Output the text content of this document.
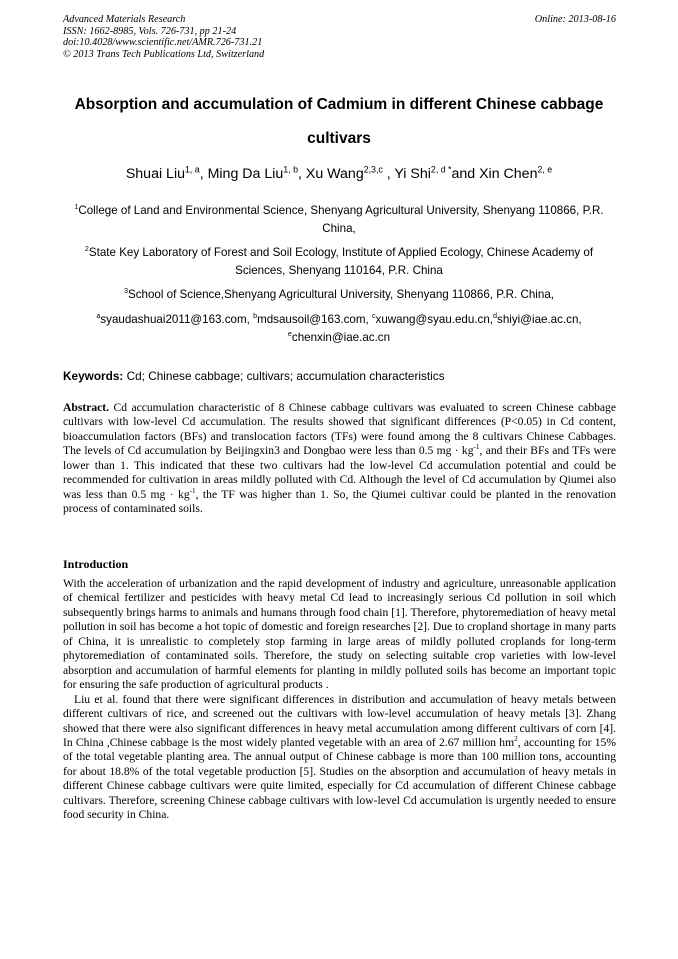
Advanced Materials Research
ISSN: 1662-8985, Vols. 726-731, pp 21-24
doi:10.4028/www.scientific.net/AMR.726-731.21
© 2013 Trans Tech Publications Ltd, Switzerland
Online: 2013-08-16
Absorption and accumulation of Cadmium in different Chinese cabbage
cultivars
Shuai Liu$^{1, a}$, Ming Da Liu$^{1, b}$, Xu Wang$^{2,3,c}$ , Yi Shi$^{2, d *}$and Xin Chen$^{2, e}$
$^1$College of Land and Environmental Science, Shenyang Agricultural University, Shenyang 110866, P.R. China,
$^2$State Key Laboratory of Forest and Soil Ecology, Institute of Applied Ecology, Chinese Academy of Sciences, Shenyang 110164, P.R. China
$^3$School of Science,Shenyang Agricultural University, Shenyang 110866, P.R. China,
$^a$syaudashuai2011@163.com, $^b$mdsausoil@163.com, $^c$xuwang@syau.edu.cn,$^d$shiyi@iae.ac.cn,
$^e$chenxin@iae.ac.cn
Keywords: Cd; Chinese cabbage; cultivars; accumulation characteristics
Abstract. Cd accumulation characteristic of 8 Chinese cabbage cultivars was evaluated to screen Chinese cabbage cultivars with low-level Cd accumulation. The results showed that significant differences (P<0.05) in Cd content, bioaccumulation factors (BFs) and translocation factors (TFs) were found among the 8 cultivars Chinese Cabbages. The levels of Cd accumulation by Beijingxin3 and Dongbao were less than 0.5 mg · $kg^{-1}$, and their BFs and TFs were lower than 1. This indicated that these two cultivars had the low-level Cd accumulation potential and could be recommended for cultivation in areas mildly polluted with Cd. Although the level of Cd accumulation by Qiumei also was less than 0.5 mg · $kg^{-1}$, the TF was higher than 1. So, the Qiumei cultivar could be planted in the renovation process of contaminated soils.
Introduction

With the acceleration of urbanization and the rapid development of industry and agriculture, unreasonable application of chemical fertilizer and pesticides with heavy metal Cd lead to increasingly serious Cd pollution in soil which subsequently brings harms to animals and humans through food chain [1]. Therefore, phytoremediation of heavy metal pollution in soil has become a hot topic of domestic and foreign researches [2]. Due to cropland shortage in many parts of China, it is unrealistic to completely stop farming in large areas of mildly polluted croplands for long-term phytoremediation of contaminated soils. Therefore, the study on selecting suitable crop varieties with low-level absorption and accumulation of harmful elements for planting in mildly polluted soils has become an important topic for ensuring the safe production of agricultural products .

Liu et al. found that there were significant differences in distribution and accumulation of heavy metals between different cultivars of rice, and screened out the cultivars with low-level accumulation of heavy metals [3]. Zhang showed that there were also significant differences in heavy metal accumulation among different cultivars of corn [4]. In China ,Chinese cabbage is the most widely planted vegetable with an area of 2.67 million $hm^2$, accounting for 15% of the total vegetable planting area. The annual output of Chinese cabbage is more than 100 million tons, accounting for about 18.8% of the total vegetable production [5]. Studies on the absorption and accumulation of heavy metals in different Chinese cabbage cultivars were quite limited, especially for Cd accumulation of different Chinese cabbage cultivars. Therefore, screening Chinese cabbage cultivars with low-level Cd accumulation is urgently needed to ensure food security in China.
